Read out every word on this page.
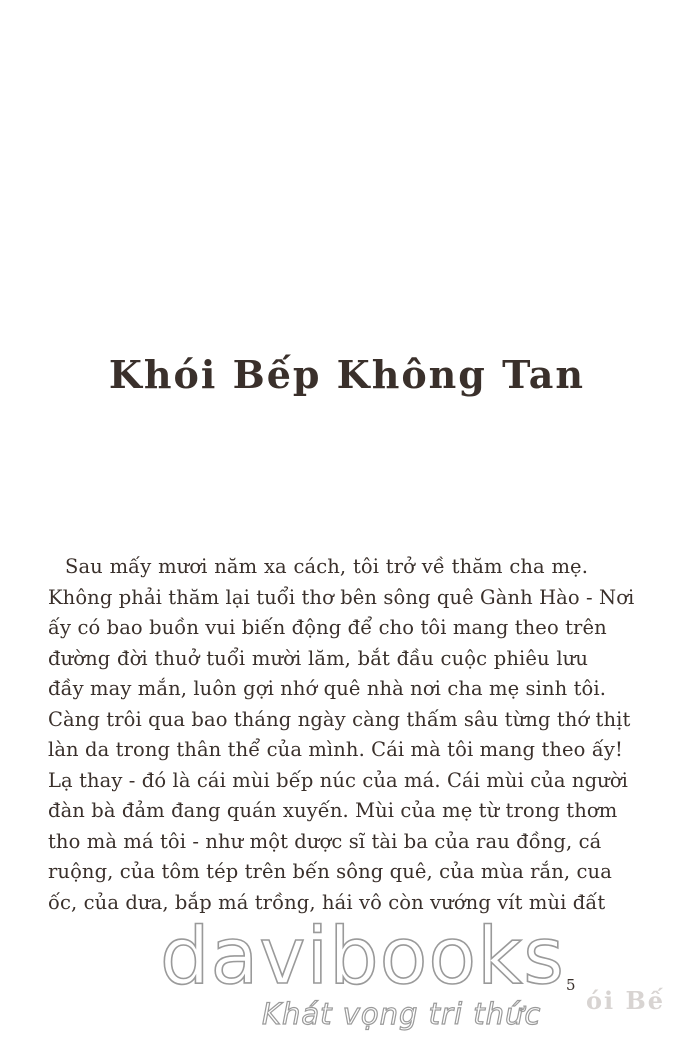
Khói Bếp Không Tan
Sau mấy mươi năm xa cách, tôi trở về thăm cha mẹ.
Không phải thăm lại tuổi thơ bên sông quê Gành Hào - Nơi
ấy có bao buồn vui biến động để cho tôi mang theo trên
đường đời thuở tuổi mười lăm, bắt đầu cuộc phiêu lưu
đầy may mắn, luôn gợi nhớ quê nhà nơi cha mẹ sinh tôi.
Càng trôi qua bao tháng ngày càng thấm sâu từng thớ thịt
làn da trong thân thể của mình. Cái mà tôi mang theo ấy!
Lạ thay - đó là cái mùi bếp núc của má. Cái mùi của người
đàn bà đảm đang quán xuyến. Mùi của mẹ từ trong thơm
tho mà má tôi - như một dược sĩ tài ba của rau đồng, cá
ruộng, của tôm tép trên bến sông quê, của mùa rắn, cua
ốc, của dưa, bắp má trồng, hái vô còn vướng vít mùi đất
ói Bế
davibooks
Khát vọng tri thức
5
